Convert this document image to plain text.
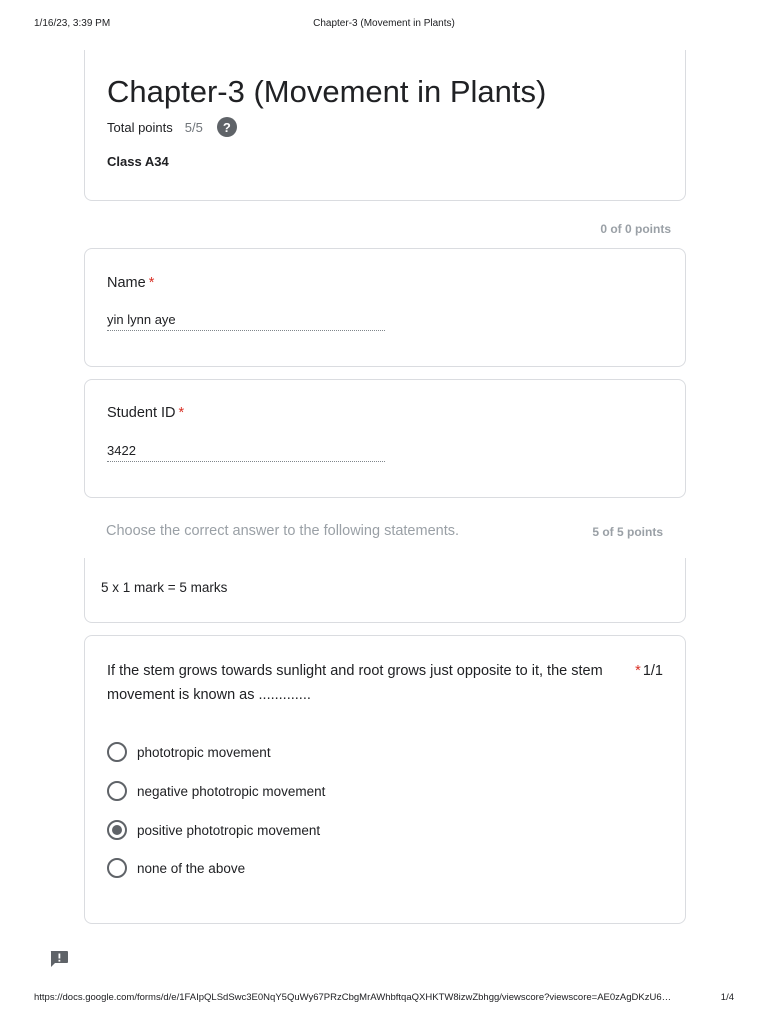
1/16/23, 3:39 PM	Chapter-3 (Movement in Plants)
Chapter-3 (Movement in Plants)
Total points 5/5	?
Class A34
0 of 0 points
Name *
yin lynn aye
Student ID *
3422
Choose the correct answer to the following statements.	5 of 5 points
5 x 1 mark = 5 marks
If the stem grows towards sunlight and root grows just opposite to it, the stem movement is known as .............
* 1/1
phototropic movement
negative phototropic movement
positive phototropic movement
none of the above
https://docs.google.com/forms/d/e/1FAIpQLSdSwc3E0NqY5QuWy67PRzCbgMrAWhbftqaQXHKTW8izwZbhgg/viewscore?viewscore=AE0zAgDKzU6…	1/4
